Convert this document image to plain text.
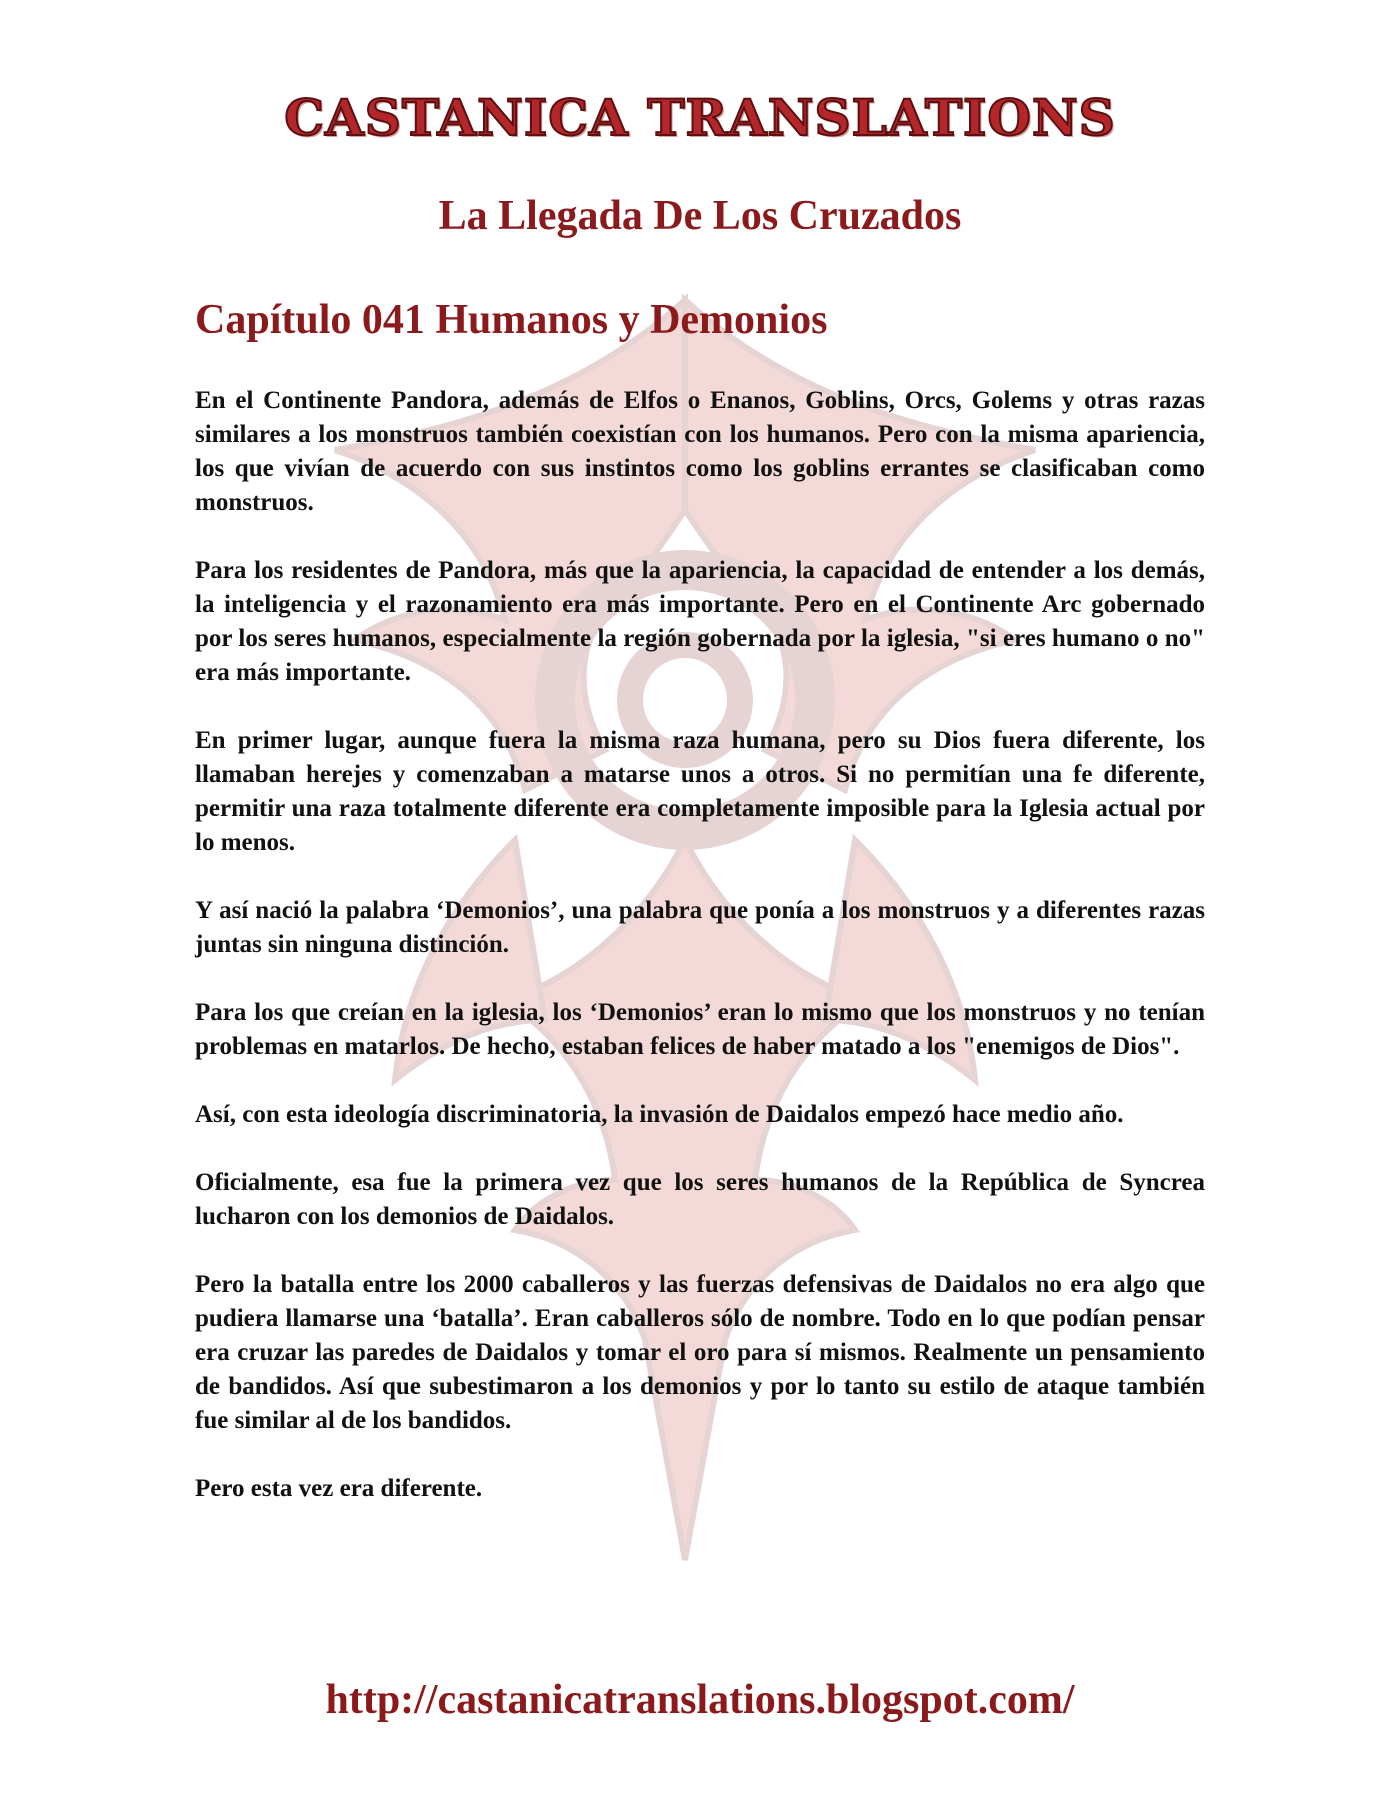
CASTANICA TRANSLATIONS
La Llegada De Los Cruzados
Capítulo 041 Humanos y Demonios

En el Continente Pandora, además de Elfos o Enanos, Goblins, Orcs, Golems y otras razas similares a los monstruos también coexistían con los humanos. Pero con la misma apariencia, los que vivían de acuerdo con sus instintos como los goblins errantes se clasificaban como monstruos.

Para los residentes de Pandora, más que la apariencia, la capacidad de entender a los demás, la inteligencia y el razonamiento era más importante. Pero en el Continente Arc gobernado por los seres humanos, especialmente la región gobernada por la iglesia, "si eres humano o no" era más importante.

En primer lugar, aunque fuera la misma raza humana, pero su Dios fuera diferente, los llamaban herejes y comenzaban a matarse unos a otros. Si no permitían una fe diferente, permitir una raza totalmente diferente era completamente imposible para la Iglesia actual por lo menos.

Y así nació la palabra ‘Demonios’, una palabra que ponía a los monstruos y a diferentes razas juntas sin ninguna distinción.

Para los que creían en la iglesia, los ‘Demonios’ eran lo mismo que los monstruos y no tenían problemas en matarlos. De hecho, estaban felices de haber matado a los "enemigos de Dios".

Así, con esta ideología discriminatoria, la invasión de Daidalos empezó hace medio año.

Oficialmente, esa fue la primera vez que los seres humanos de la República de Syncrea lucharon con los demonios de Daidalos.

Pero la batalla entre los 2000 caballeros y las fuerzas defensivas de Daidalos no era algo que pudiera llamarse una ‘batalla’. Eran caballeros sólo de nombre. Todo en lo que podían pensar era cruzar las paredes de Daidalos y tomar el oro para sí mismos. Realmente un pensamiento de bandidos. Así que subestimaron a los demonios y por lo tanto su estilo de ataque también fue similar al de los bandidos.

Pero esta vez era diferente.

http://castanicatranslations.blogspot.com/
